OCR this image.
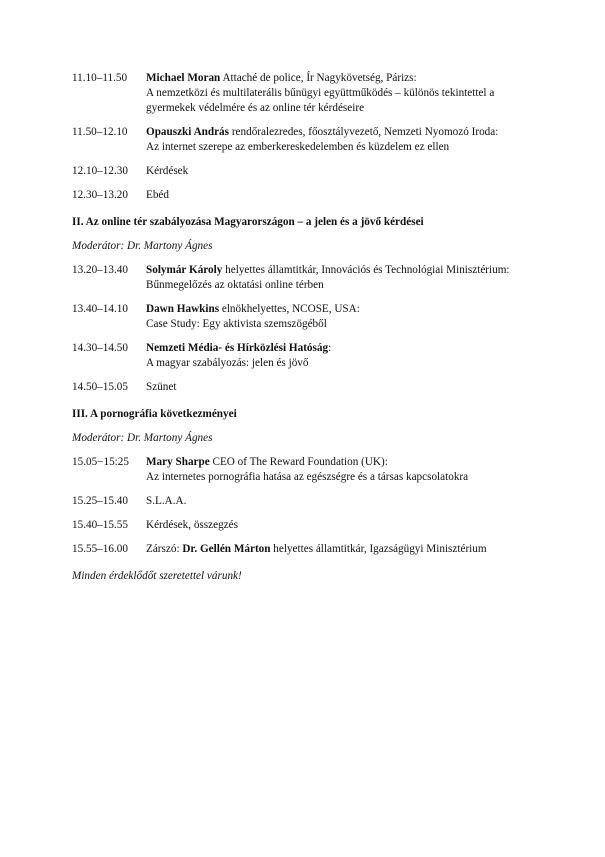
11.10–11.50	Michael Moran Attaché de police, Ír Nagykövetség, Párizs:
A nemzetközi és multilaterális bűnügyi együttműködés – különös tekintettel a
gyermekek védelmére és az online tér kérdéseire
11.50–12.10	Opauszki András rendőralezredes, főosztályvezető, Nemzeti Nyomozó Iroda:
Az internet szerepe az emberkereskedelemben és küzdelem ez ellen
12.10–12.30	Kérdések
12.30–13.20	Ebéd
II. Az online tér szabályozása Magyarországon – a jelen és a jövő kérdései
Moderátor: Dr. Martony Ágnes
13.20–13.40	Solymár Károly helyettes államtitkár, Innovációs és Technológiai Minisztérium:
Bűnmegelőzés az oktatási online térben
13.40–14.10	Dawn Hawkins elnökhelyettes, NCOSE, USA:
Case Study: Egy aktivista szemszögéből
14.30–14.50	Nemzeti Média- és Hírközlési Hatóság:
A magyar szabályozás: jelen és jövő
14.50–15.05	Szünet
III. A pornográfia következményei
Moderátor: Dr. Martony Ágnes
15.05−15:25	Mary Sharpe CEO of The Reward Foundation (UK):
Az internetes pornográfia hatása az egészségre és a társas kapcsolatokra
15.25–15.40	S.L.A.A.
15.40–15.55	Kérdések, összegzés
15.55–16.00	Zárszó: Dr. Gellén Márton helyettes államtitkár, Igazságügyi Minisztérium
Minden érdeklődőt szeretettel várunk!
